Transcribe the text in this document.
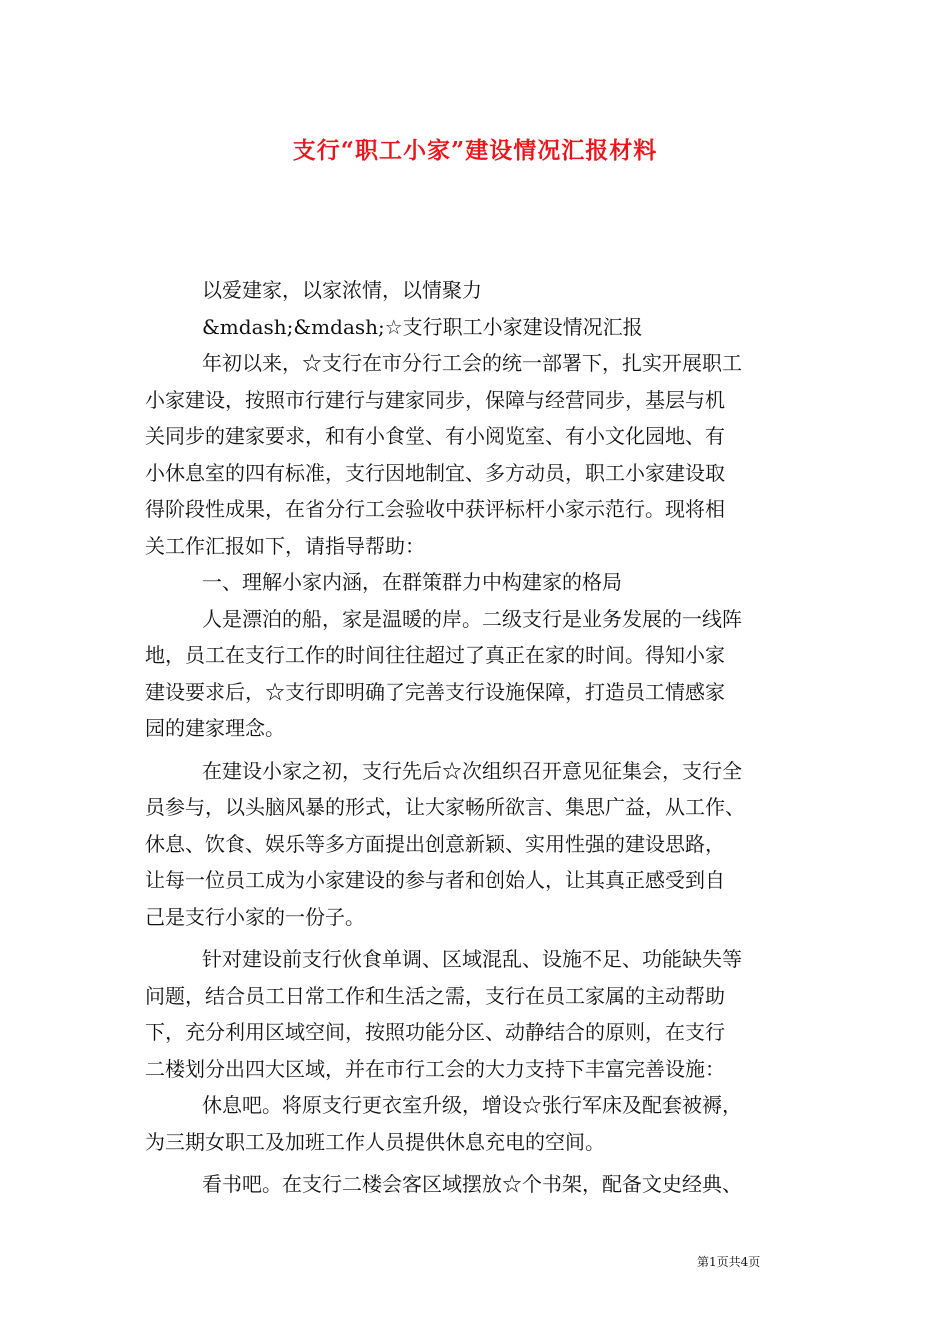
支行“职工小家”建设情况汇报材料
以爱建家，以家浓情，以情聚力
&mdash;&mdash;☆支行职工小家建设情况汇报
年初以来，☆支行在市分行工会的统一部署下，扎实开展职工
小家建设，按照市行建行与建家同步，保障与经营同步，基层与机
关同步的建家要求，和有小食堂、有小阅览室、有小文化园地、有
小休息室的四有标准，支行因地制宜、多方动员，职工小家建设取
得阶段性成果，在省分行工会验收中获评标杆小家示范行。现将相
关工作汇报如下，请指导帮助：
一、理解小家内涵，在群策群力中构建家的格局
人是漂泊的船，家是温暖的岸。二级支行是业务发展的一线阵
地，员工在支行工作的时间往往超过了真正在家的时间。得知小家
建设要求后，☆支行即明确了完善支行设施保障，打造员工情感家
园的建家理念。
在建设小家之初，支行先后☆次组织召开意见征集会，支行全
员参与，以头脑风暴的形式，让大家畅所欲言、集思广益，从工作、
休息、饮食、娱乐等多方面提出创意新颖、实用性强的建设思路，
让每一位员工成为小家建设的参与者和创始人，让其真正感受到自
己是支行小家的一份子。
针对建设前支行伙食单调、区域混乱、设施不足、功能缺失等
问题，结合员工日常工作和生活之需，支行在员工家属的主动帮助
下，充分利用区域空间，按照功能分区、动静结合的原则，在支行
二楼划分出四大区域，并在市行工会的大力支持下丰富完善设施：
休息吧。将原支行更衣室升级，增设☆张行军床及配套被褥，
为三期女职工及加班工作人员提供休息充电的空间。
看书吧。在支行二楼会客区域摆放☆个书架，配备文史经典、
第1页共4页
